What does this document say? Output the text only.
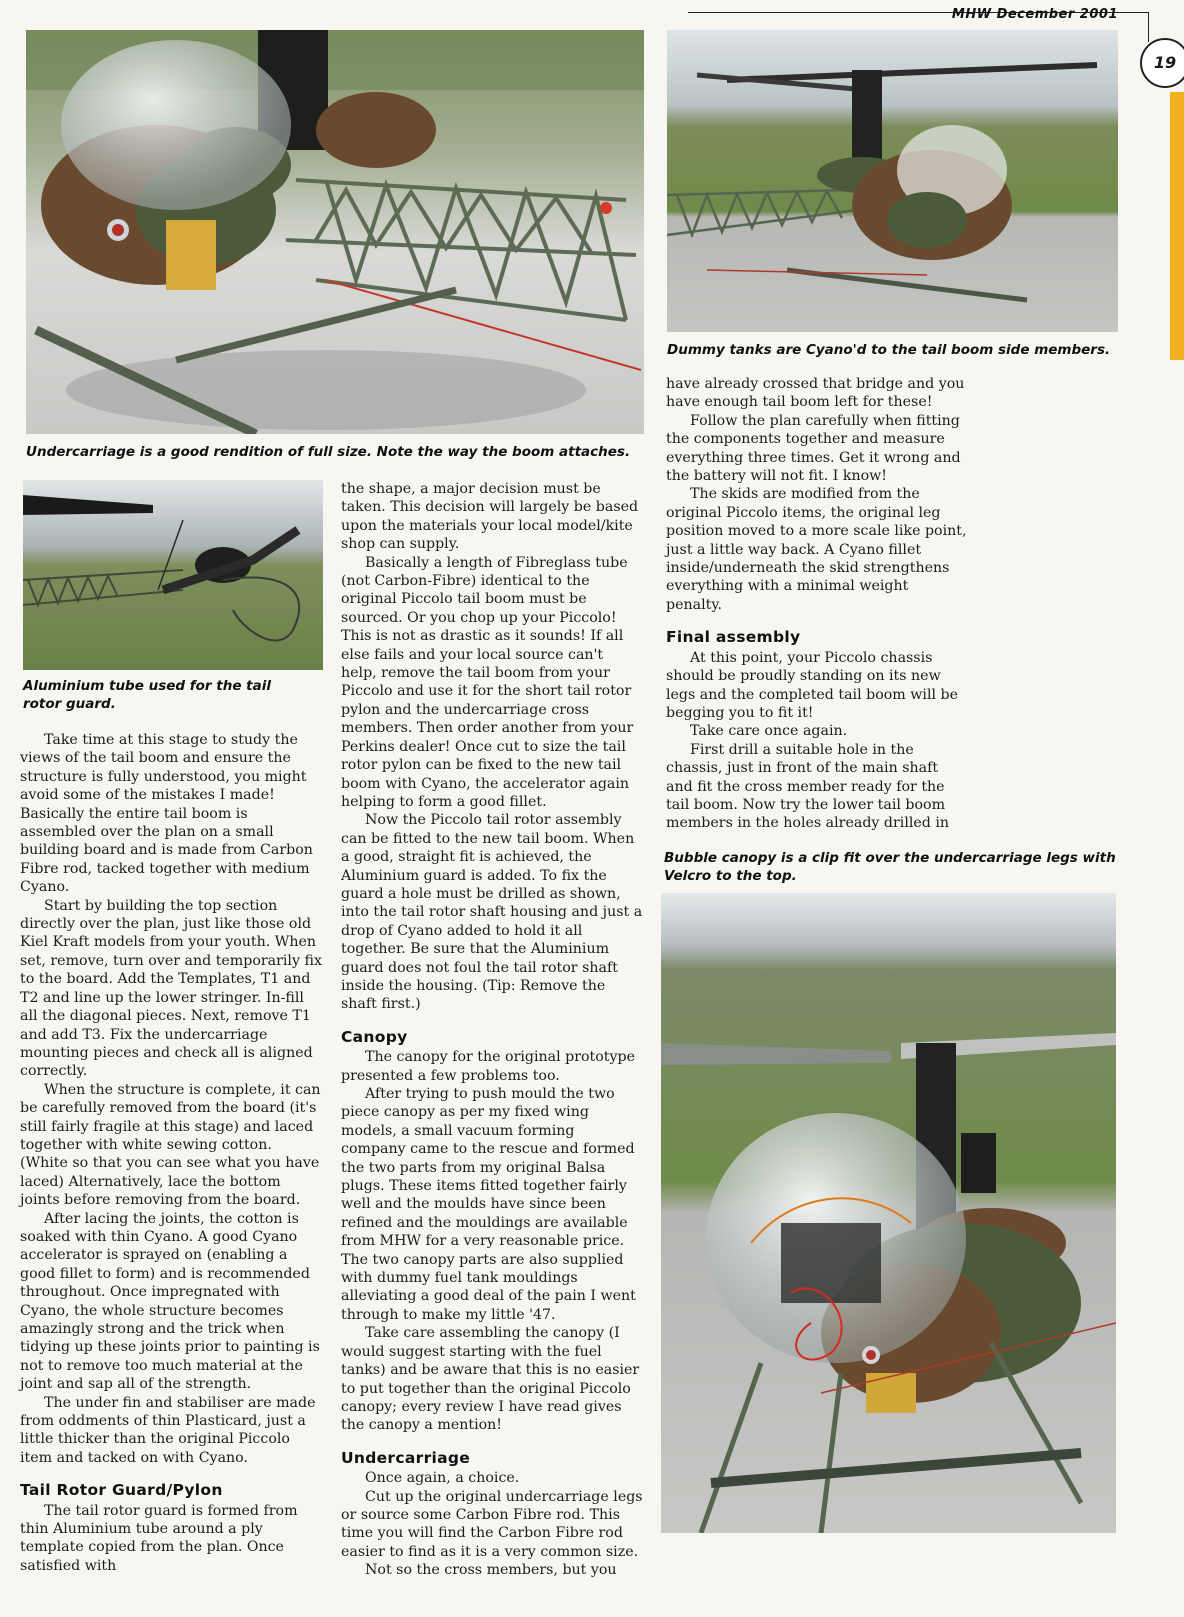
MHW December 2001
19
Undercarriage is a good rendition of full size. Note the way the boom attaches.
Dummy tanks are Cyano'd to the tail boom side members.
Aluminium tube used for the tail rotor guard.

Take time at this stage to study the views of the tail boom and ensure the structure is fully understood, you might avoid some of the mistakes I made! Basically the entire tail boom is assembled over the plan on a small building board and is made from Carbon Fibre rod, tacked together with medium Cyano.

Start by building the top section directly over the plan, just like those old Kiel Kraft models from your youth. When set, remove, turn over and temporarily fix to the board. Add the Templates, T1 and T2 and line up the lower stringer. In-fill all the diagonal pieces. Next, remove T1 and add T3. Fix the undercarriage mounting pieces and check all is aligned correctly.

When the structure is complete, it can be carefully removed from the board (it's still fairly fragile at this stage) and laced together with white sewing cotton. (White so that you can see what you have laced) Alternatively, lace the bottom joints before removing from the board.

After lacing the joints, the cotton is soaked with thin Cyano. A good Cyano accelerator is sprayed on (enabling a good fillet to form) and is recommended throughout. Once impregnated with Cyano, the whole structure becomes amazingly strong and the trick when tidying up these joints prior to painting is not to remove too much material at the joint and sap all of the strength.

The under fin and stabiliser are made from oddments of thin Plasticard, just a little thicker than the original Piccolo item and tacked on with Cyano.

Tail Rotor Guard/Pylon

The tail rotor guard is formed from thin Aluminium tube around a ply template copied from the plan. Once satisfied with

the shape, a major decision must be taken. This decision will largely be based upon the materials your local model/kite shop can supply.

Basically a length of Fibreglass tube (not Carbon-Fibre) identical to the original Piccolo tail boom must be sourced. Or you chop up your Piccolo! This is not as drastic as it sounds! If all else fails and your local source can't help, remove the tail boom from your Piccolo and use it for the short tail rotor pylon and the undercarriage cross members. Then order another from your Perkins dealer! Once cut to size the tail rotor pylon can be fixed to the new tail boom with Cyano, the accelerator again helping to form a good fillet.

Now the Piccolo tail rotor assembly can be fitted to the new tail boom. When a good, straight fit is achieved, the Aluminium guard is added. To fix the guard a hole must be drilled as shown, into the tail rotor shaft housing and just a drop of Cyano added to hold it all together. Be sure that the Aluminium guard does not foul the tail rotor shaft inside the housing. (Tip: Remove the shaft first.)

Canopy

The canopy for the original prototype presented a few problems too.

After trying to push mould the two piece canopy as per my fixed wing models, a small vacuum forming company came to the rescue and formed the two parts from my original Balsa plugs. These items fitted together fairly well and the moulds have since been refined and the mouldings are available from MHW for a very reasonable price. The two canopy parts are also supplied with dummy fuel tank mouldings alleviating a good deal of the pain I went through to make my little '47.

Take care assembling the canopy (I would suggest starting with the fuel tanks) and be aware that this is no easier to put together than the original Piccolo canopy; every review I have read gives the canopy a mention!

Undercarriage

Once again, a choice.

Cut up the original undercarriage legs or source some Carbon Fibre rod. This time you will find the Carbon Fibre rod easier to find as it is a very common size.

Not so the cross members, but you

have already crossed that bridge and you have enough tail boom left for these!

Follow the plan carefully when fitting the components together and measure everything three times. Get it wrong and the battery will not fit. I know!

The skids are modified from the original Piccolo items, the original leg position moved to a more scale like point, just a little way back. A Cyano fillet inside/underneath the skid strengthens everything with a minimal weight penalty.

Final assembly

At this point, your Piccolo chassis should be proudly standing on its new legs and the completed tail boom will be begging you to fit it!

Take care once again.

First drill a suitable hole in the chassis, just in front of the main shaft and fit the cross member ready for the tail boom. Now try the lower tail boom members in the holes already drilled in

Bubble canopy is a clip fit over the undercarriage legs with Velcro to the top.
